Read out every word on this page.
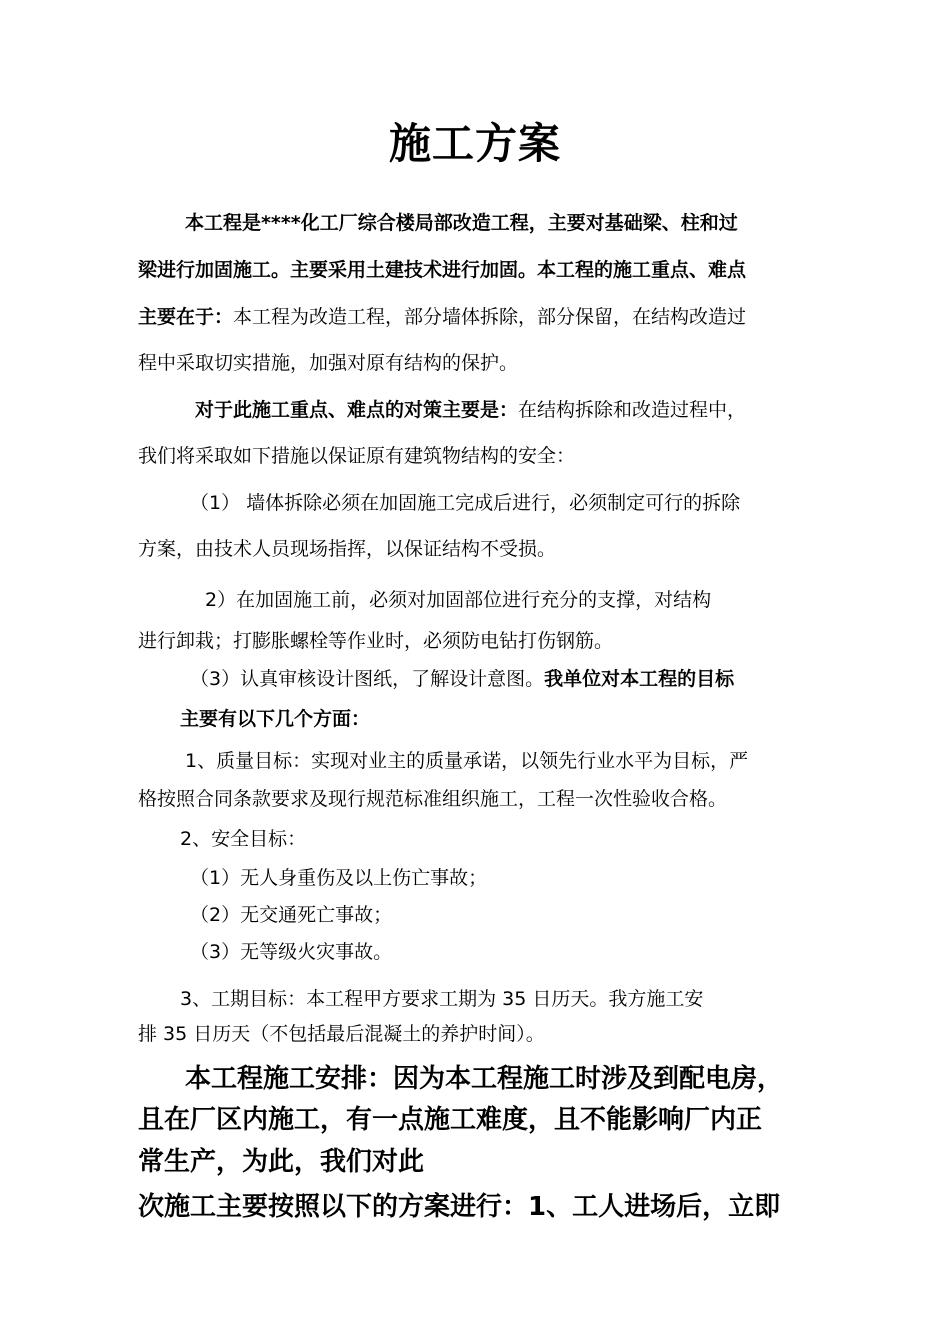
施工方案
本工程是****化工厂综合楼局部改造工程，主要对基础梁、柱和过
梁进行加固施工。主要采用土建技术进行加固。本工程的施工重点、难点
主要在于：本工程为改造工程，部分墙体拆除，部分保留，在结构改造过
程中采取切实措施，加强对原有结构的保护。
对于此施工重点、难点的对策主要是：在结构拆除和改造过程中，
我们将采取如下措施以保证原有建筑物结构的安全：
（1） 墙体拆除必须在加固施工完成后进行，必须制定可行的拆除
方案，由技术人员现场指挥，以保证结构不受损。
2）在加固施工前，必须对加固部位进行充分的支撑，对结构
进行卸栽；打膨胀螺栓等作业时，必须防电钻打伤钢筋。
（3）认真审核设计图纸，了解设计意图。我单位对本工程的目标
主要有以下几个方面：
1、质量目标：实现对业主的质量承诺，以领先行业水平为目标，严
格按照合同条款要求及现行规范标准组织施工，工程一次性验收合格。
2、安全目标：
（1）无人身重伤及以上伤亡事故；
（2）无交通死亡事故；
（3）无等级火灾事故。
3、工期目标：本工程甲方要求工期为 35 日历天。我方施工安
排 35 日历天（不包括最后混凝土的养护时间）。
本工程施工安排：因为本工程施工时涉及到配电房，
且在厂区内施工，有一点施工难度，且不能影响厂内正
常生产，为此，我们对此
次施工主要按照以下的方案进行：1、工人进场后，立即
